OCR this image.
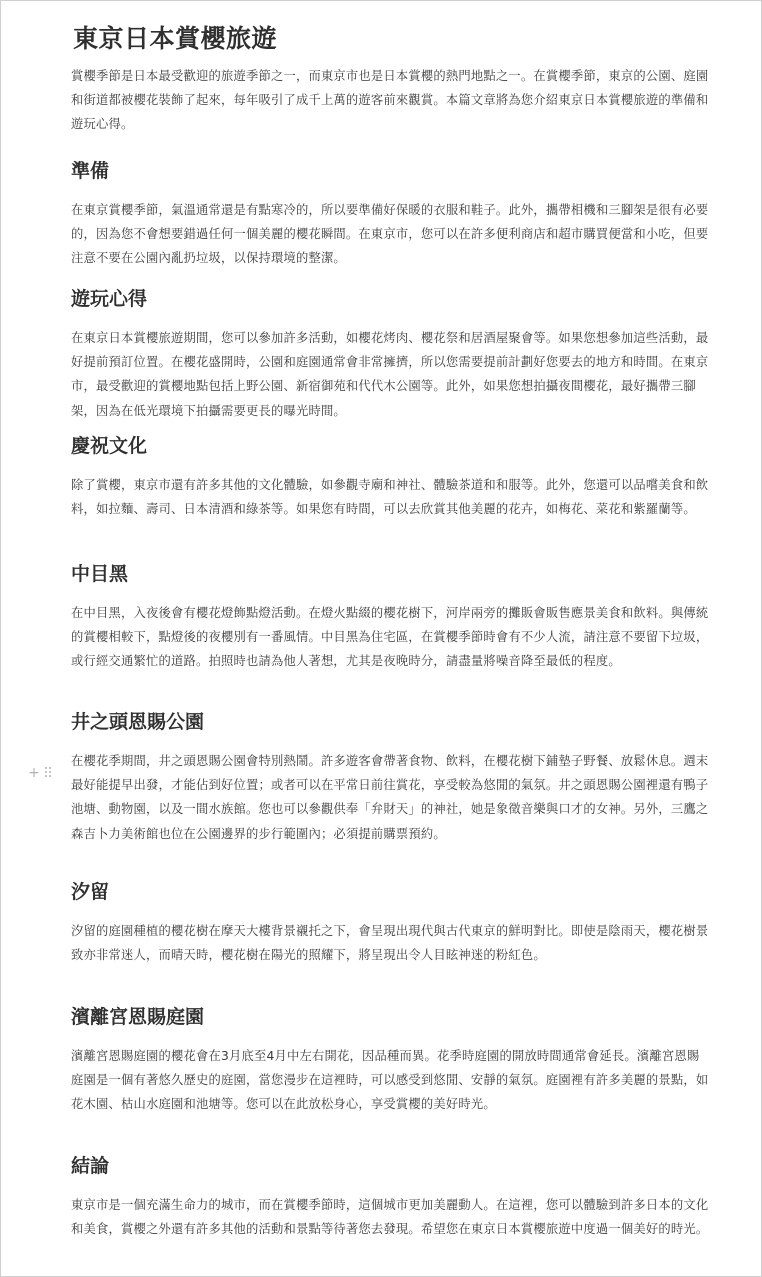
東京日本賞櫻旅遊

賞櫻季節是日本最受歡迎的旅遊季節之一，而東京市也是日本賞櫻的熱門地點之一。在賞櫻季節，東京的公園、庭園和街道都被櫻花裝飾了起來，每年吸引了成千上萬的遊客前來觀賞。本篇文章將為您介紹東京日本賞櫻旅遊的準備和遊玩心得。

準備

在東京賞櫻季節，氣溫通常還是有點寒冷的，所以要準備好保暖的衣服和鞋子。此外，攜帶相機和三腳架是很有必要的，因為您不會想要錯過任何一個美麗的櫻花瞬間。在東京市，您可以在許多便利商店和超市購買便當和小吃，但要注意不要在公園內亂扔垃圾，以保持環境的整潔。

遊玩心得

在東京日本賞櫻旅遊期間，您可以參加許多活動，如櫻花烤肉、櫻花祭和居酒屋聚會等。如果您想參加這些活動，最好提前預訂位置。在櫻花盛開時，公園和庭園通常會非常擁擠，所以您需要提前計劃好您要去的地方和時間。在東京市，最受歡迎的賞櫻地點包括上野公園、新宿御苑和代代木公園等。此外，如果您想拍攝夜間櫻花，最好攜帶三腳架，因為在低光環境下拍攝需要更長的曝光時間。

慶祝文化

除了賞櫻，東京市還有許多其他的文化體驗，如參觀寺廟和神社、體驗茶道和和服等。此外，您還可以品嚐美食和飲料，如拉麵、壽司、日本清酒和綠茶等。如果您有時間，可以去欣賞其他美麗的花卉，如梅花、菜花和紫羅蘭等。

中目黑

在中目黑，入夜後會有櫻花燈飾點燈活動。在燈火點綴的櫻花樹下，河岸兩旁的攤販會販售應景美食和飲料。與傳統的賞櫻相較下，點燈後的夜櫻別有一番風情。中目黑為住宅區，在賞櫻季節時會有不少人流，請注意不要留下垃圾，或行經交通繁忙的道路。拍照時也請為他人著想，尤其是夜晚時分，請盡量將噪音降至最低的程度。

井之頭恩賜公園
+

在櫻花季期間，井之頭恩賜公園會特別熱鬧。許多遊客會帶著食物、飲料，在櫻花樹下鋪墊子野餐、放鬆休息。週末最好能提早出發，才能佔到好位置；或者可以在平常日前往賞花，享受較為悠閒的氣氛。井之頭恩賜公園裡還有鴨子池塘、動物園，以及一間水族館。您也可以參觀供奉「弁財天」的神社，她是象徵音樂與口才的女神。另外，三鷹之森吉卜力美術館也位在公園邊界的步行範圍內；必須提前購票預約。

汐留

汐留的庭園種植的櫻花樹在摩天大樓背景襯托之下，會呈現出現代與古代東京的鮮明對比。即使是陰雨天，櫻花樹景致亦非常迷人，而晴天時，櫻花樹在陽光的照耀下，將呈現出令人目眩神迷的粉紅色。

濱離宮恩賜庭園

濱離宮恩賜庭園的櫻花會在3月底至4月中左右開花，因品種而異。花季時庭園的開放時間通常會延長。濱離宮恩賜庭園是一個有著悠久歷史的庭園，當您漫步在這裡時，可以感受到悠閒、安靜的氣氛。庭園裡有許多美麗的景點，如花木園、枯山水庭園和池塘等。您可以在此放松身心，享受賞櫻的美好時光。

結論

東京市是一個充滿生命力的城市，而在賞櫻季節時，這個城市更加美麗動人。在這裡，您可以體驗到許多日本的文化和美食，賞櫻之外還有許多其他的活動和景點等待著您去發現。希望您在東京日本賞櫻旅遊中度過一個美好的時光。
